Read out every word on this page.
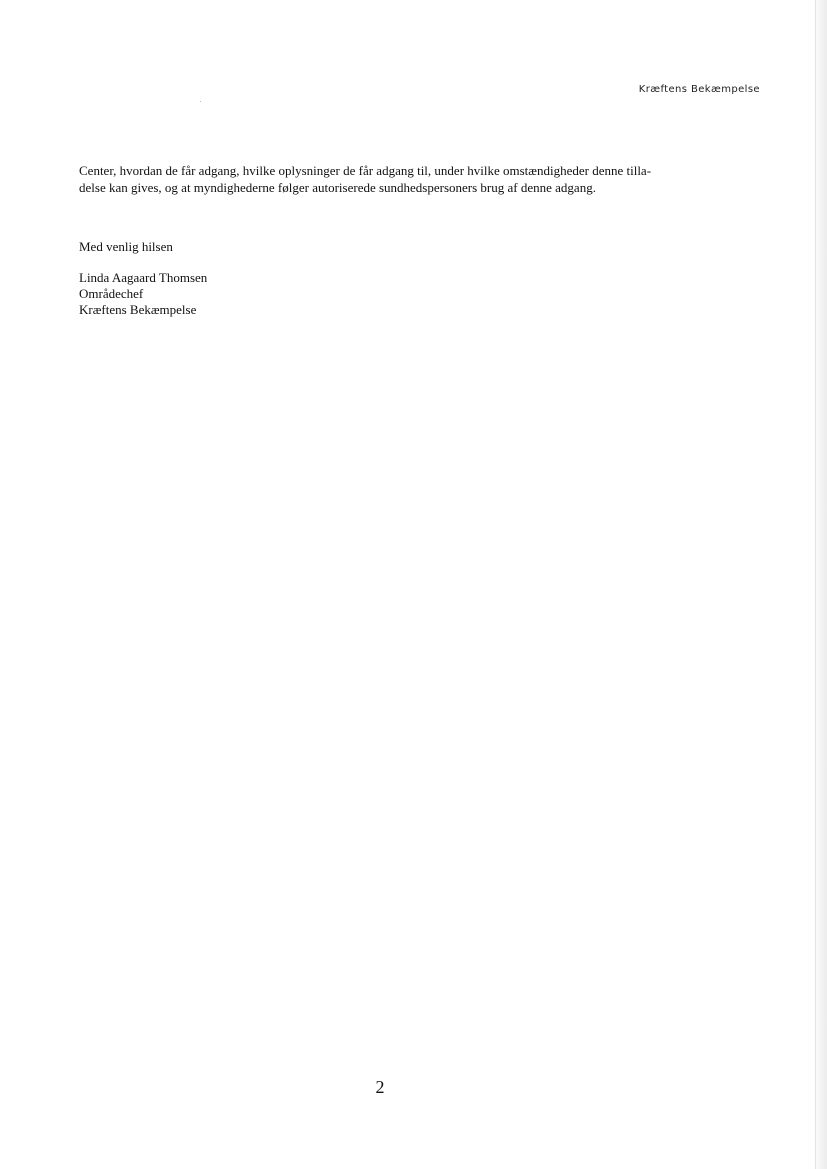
Kræftens Bekæmpelse

Center, hvordan de får adgang, hvilke oplysninger de får adgang til, under hvilke omstændigheder denne tilla-

delse kan gives, og at myndighederne følger autoriserede sundhedspersoners brug af denne adgang.

Med venlig hilsen

Linda Aagaard Thomsen
Områdechef
Kræftens Bekæmpelse
2
